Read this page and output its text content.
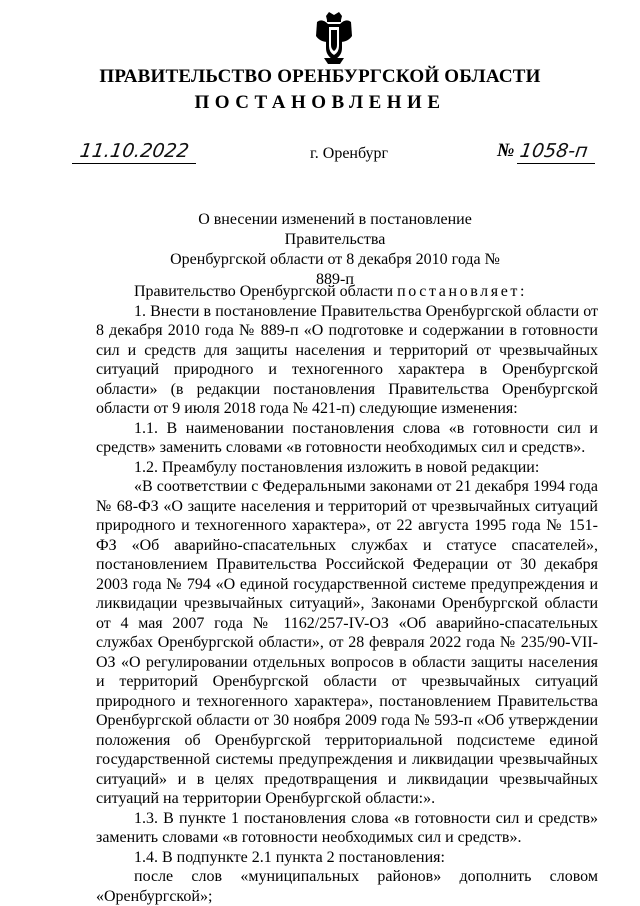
ПРАВИТЕЛЬСТВО ОРЕНБУРГСКОЙ ОБЛАСТИ
ПОСТАНОВЛЕНИЕ
11.10.2022	г. Оренбург	№ 1058-п
О внесении изменений в постановление Правительства
Оренбургской области от 8 декабря 2010 года № 889-п

Правительство Оренбургской области постановляет:

1. Внести в постановление Правительства Оренбургской области от 8 декабря 2010 года № 889-п «О подготовке и содержании в готовности сил и средств для защиты населения и территорий от чрезвычайных ситуаций природного и техногенного характера в Оренбургской области» (в редакции постановления Правительства Оренбургской области от 9 июля 2018 года № 421-п) следующие изменения:

1.1. В наименовании постановления слова «в готовности сил и средств» заменить словами «в готовности необходимых сил и средств».

1.2. Преамбулу постановления изложить в новой редакции:

«В соответствии с Федеральными законами от 21 декабря 1994 года № 68-ФЗ «О защите населения и территорий от чрезвычайных ситуаций природного и техногенного характера», от 22 августа 1995 года № 151-ФЗ «Об аварийно-спасательных службах и статусе спасателей», постановлением Правительства Российской Федерации от 30 декабря 2003 года № 794 «О единой государственной системе предупреждения и ликвидации чрезвычайных ситуаций», Законами Оренбургской области от 4 мая 2007 года № 1162/257-IV-ОЗ «Об аварийно-спасательных службах Оренбургской области», от 28 февраля 2022 года № 235/90-VII-ОЗ «О регулировании отдельных вопросов в области защиты населения и территорий Оренбургской области от чрезвычайных ситуаций природного и техногенного характера», постановлением Правительства Оренбургской области от 30 ноября 2009 года № 593-п «Об утверждении положения об Оренбургской территориальной подсистеме единой государственной системы предупреждения и ликвидации чрезвычайных ситуаций» и в целях предотвращения и ликвидации чрезвычайных ситуаций на территории Оренбургской области:».

1.3. В пункте 1 постановления слова «в готовности сил и средств» заменить словами «в готовности необходимых сил и средств».

1.4. В подпункте 2.1 пункта 2 постановления:

после слов «муниципальных районов» дополнить словом «Оренбургской»;
